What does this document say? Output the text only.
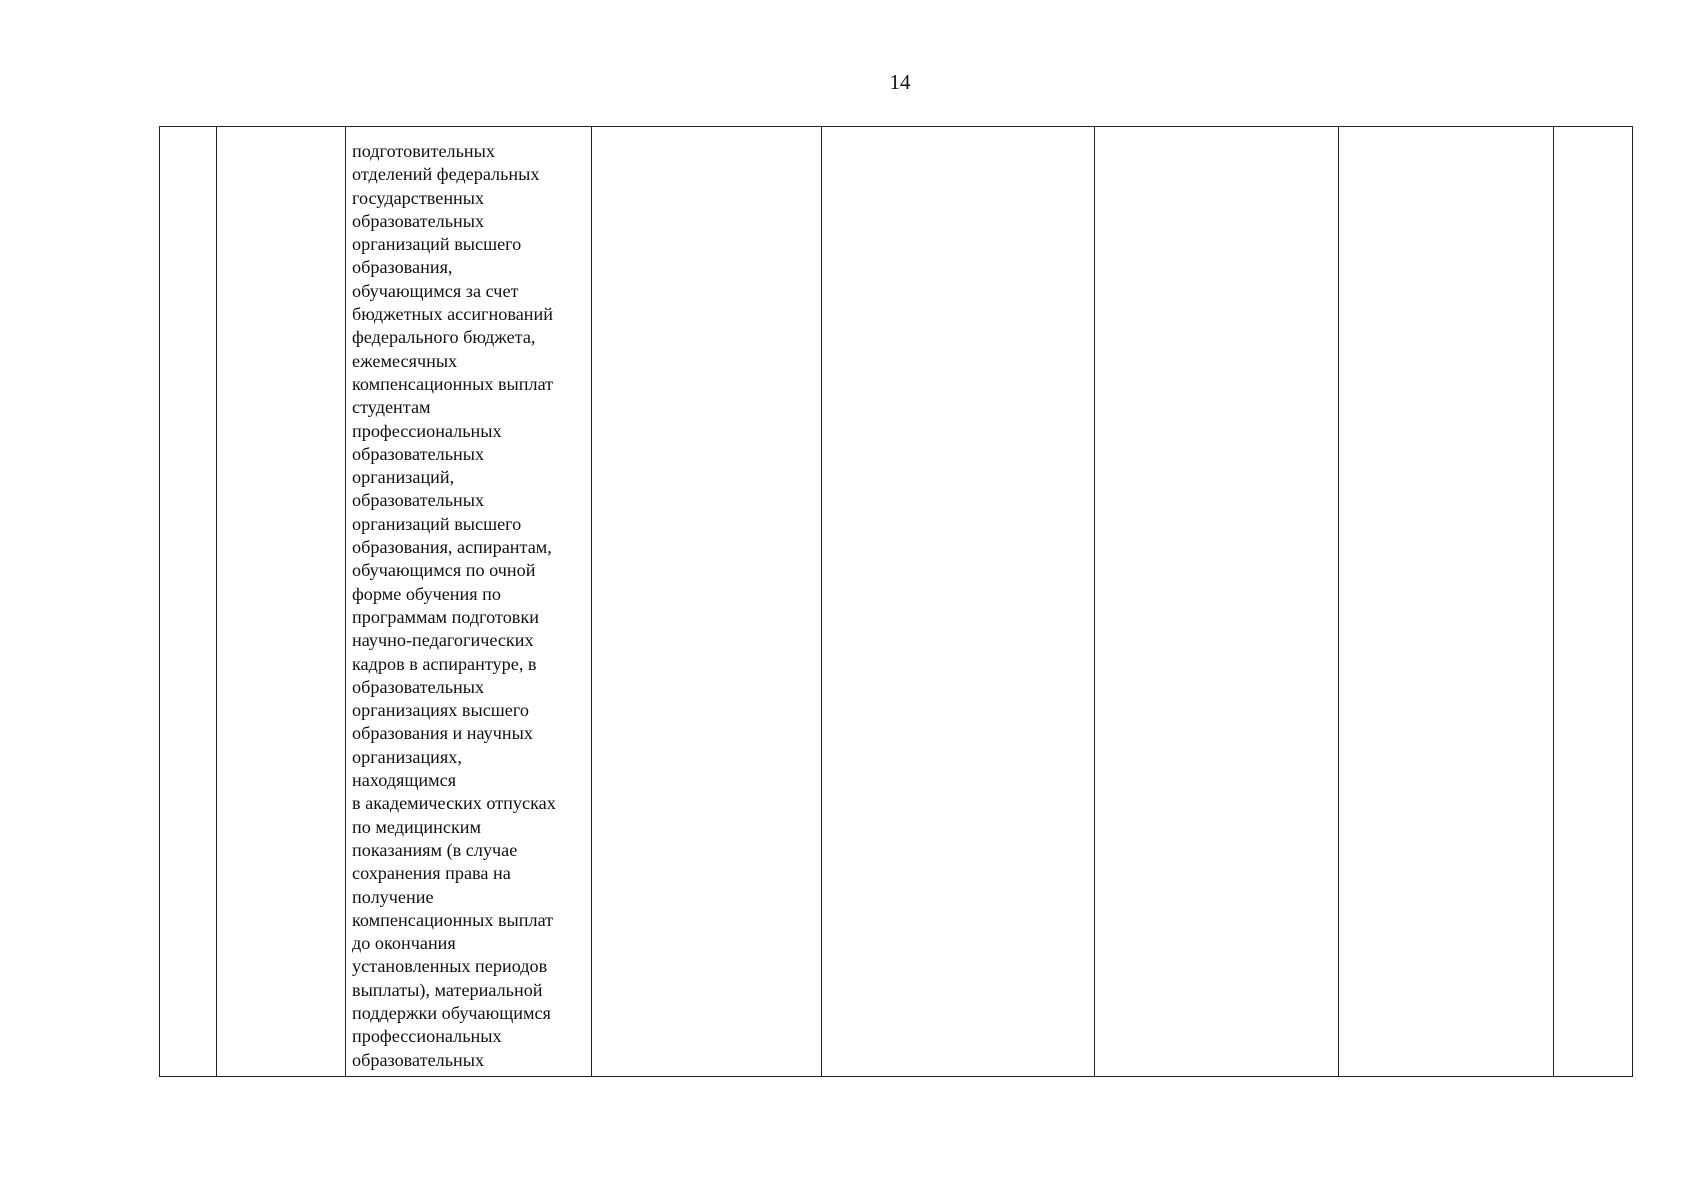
14

подготовительных
отделений федеральных
государственных
образовательных
организаций высшего
образования,
обучающимся за счет
бюджетных ассигнований
федерального бюджета,
ежемесячных
компенсационных выплат
студентам
профессиональных
образовательных
организаций,
образовательных
организаций высшего
образования, аспирантам,
обучающимся по очной
форме обучения по
программам подготовки
научно-педагогических
кадров в аспирантуре, в
образовательных
организациях высшего
образования и научных
организациях,
находящимся
в академических отпусках
по медицинским
показаниям (в случае
сохранения права на
получение
компенсационных выплат
до окончания
установленных периодов
выплаты), материальной
поддержки обучающимся
профессиональных
образовательных
